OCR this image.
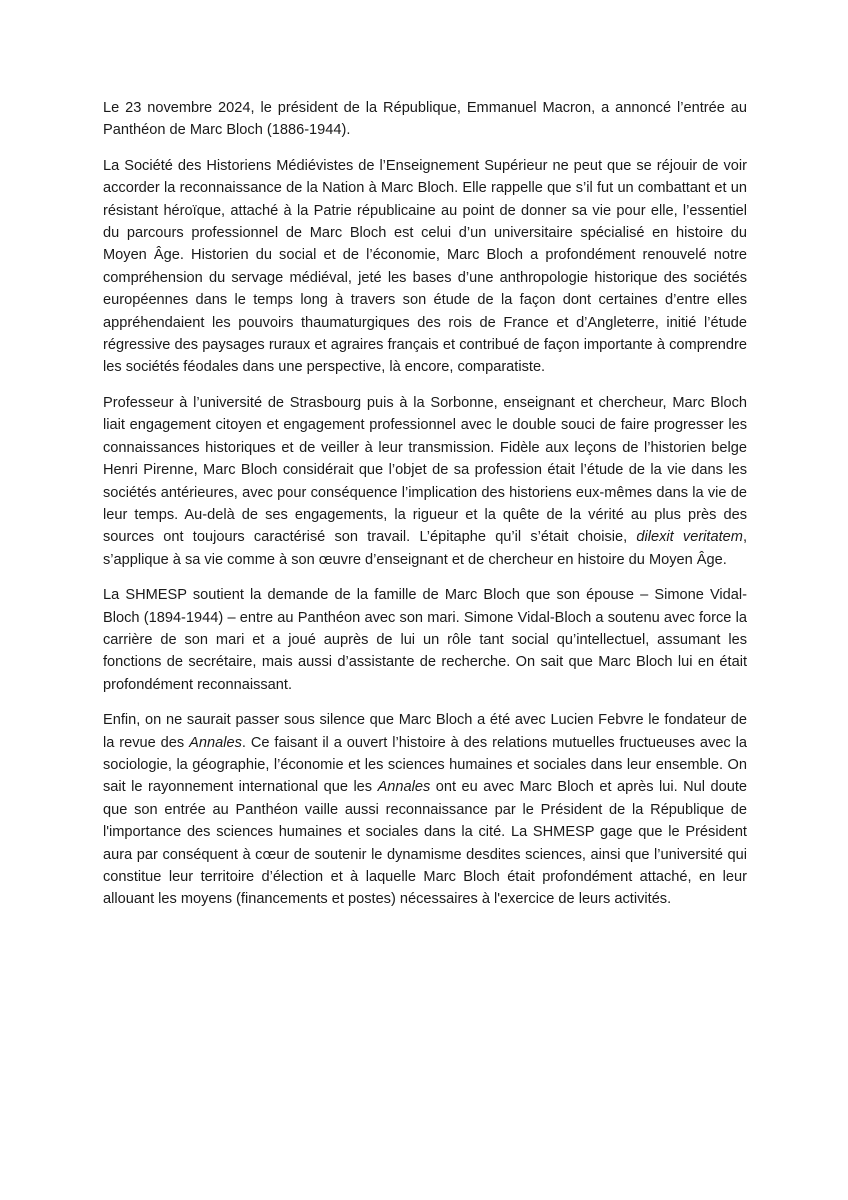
Le 23 novembre 2024, le président de la République, Emmanuel Macron, a annoncé l’entrée au Panthéon de Marc Bloch (1886-1944).

La Société des Historiens Médiévistes de l’Enseignement Supérieur ne peut que se réjouir de voir accorder la reconnaissance de la Nation à Marc Bloch. Elle rappelle que s’il fut un combattant et un résistant héroïque, attaché à la Patrie républicaine au point de donner sa vie pour elle, l’essentiel du parcours professionnel de Marc Bloch est celui d’un universitaire spécialisé en histoire du Moyen Âge. Historien du social et de l’économie, Marc Bloch a profondément renouvelé notre compréhension du servage médiéval, jeté les bases d’une anthropologie historique des sociétés européennes dans le temps long à travers son étude de la façon dont certaines d’entre elles appréhendaient les pouvoirs thaumaturgiques des rois de France et d’Angleterre, initié l’étude régressive des paysages ruraux et agraires français et contribué de façon importante à comprendre les sociétés féodales dans une perspective, là encore, comparatiste.

Professeur à l’université de Strasbourg puis à la Sorbonne, enseignant et chercheur, Marc Bloch liait engagement citoyen et engagement professionnel avec le double souci de faire progresser les connaissances historiques et de veiller à leur transmission. Fidèle aux leçons de l’historien belge Henri Pirenne, Marc Bloch considérait que l’objet de sa profession était l’étude de la vie dans les sociétés antérieures, avec pour conséquence l’implication des historiens eux-mêmes dans la vie de leur temps. Au-delà de ses engagements, la rigueur et la quête de la vérité au plus près des sources ont toujours caractérisé son travail. L’épitaphe qu’il s’était choisie, dilexit veritatem, s’applique à sa vie comme à son œuvre d’enseignant et de chercheur en histoire du Moyen Âge.

La SHMESP soutient la demande de la famille de Marc Bloch que son épouse – Simone Vidal-Bloch (1894-1944) – entre au Panthéon avec son mari. Simone Vidal-Bloch a soutenu avec force la carrière de son mari et a joué auprès de lui un rôle tant social qu’intellectuel, assumant les fonctions de secrétaire, mais aussi d’assistante de recherche. On sait que Marc Bloch lui en était profondément reconnaissant.

Enfin, on ne saurait passer sous silence que Marc Bloch a été avec Lucien Febvre le fondateur de la revue des Annales. Ce faisant il a ouvert l’histoire à des relations mutuelles fructueuses avec la sociologie, la géographie, l’économie et les sciences humaines et sociales dans leur ensemble. On sait le rayonnement international que les Annales ont eu avec Marc Bloch et après lui. Nul doute que son entrée au Panthéon vaille aussi reconnaissance par le Président de la République de l'importance des sciences humaines et sociales dans la cité. La SHMESP gage que le Président aura par conséquent à cœur de soutenir le dynamisme desdites sciences, ainsi que l’université qui constitue leur territoire d’élection et à laquelle Marc Bloch était profondément attaché, en leur allouant les moyens (financements et postes) nécessaires à l'exercice de leurs activités.
